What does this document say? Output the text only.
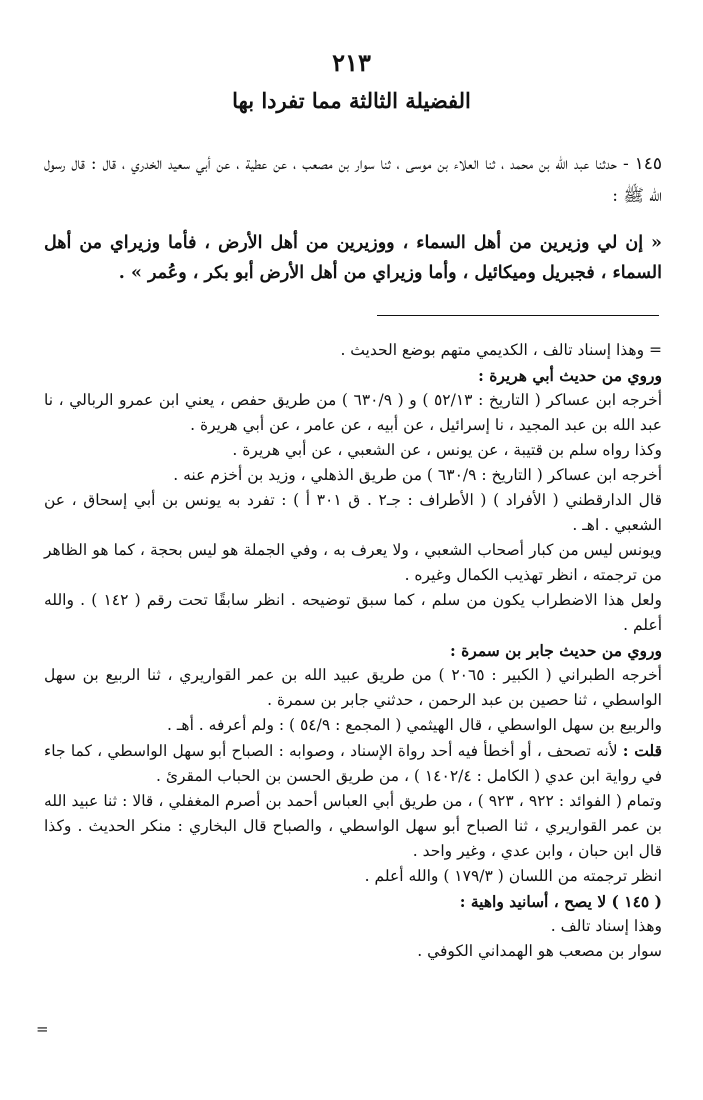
٢١٣
الفضيلة الثالثة مما تفردا بها
١٤٥ - حدثنا عبد الله بن محمد ، ثنا العلاء بن موسى ، ثنا سوار بن مصعب ، عن عطية ، عن أبي سعيد الخدري ، قال : قال رسول الله ﷺ :
« إن لي وزيرين من أهل السماء ، ووزيرين من أهل الأرض ، فأما وزيراي من أهل السماء ، فجبريل وميكائيل ، وأما وزيراي من أهل الأرض أبو بكر ، وعُمر » .

= وهذا إسناد تالف ، الكديمي متهم بوضع الحديث .

وروي من حديث أبي هريرة :

أخرجه ابن عساكر ( التاريخ : ٥٢/١٣ ) و ( ٦٣٠/٩ ) من طريق حفص ، يعني ابن عمرو الربالي ، نا عبد الله بن عبد المجيد ، نا إسرائيل ، عن أبيه ، عن عامر ، عن أبي هريرة .

وكذا رواه سلم بن قتيبة ، عن يونس ، عن الشعبي ، عن أبي هريرة .

أخرجه ابن عساكر ( التاريخ : ٦٣٠/٩ ) من طريق الذهلي ، وزيد بن أخزم عنه .

قال الدارقطني ( الأفراد ) ( الأطراف : جـ٢ . ق ٣٠١ أ ) : تفرد به يونس بن أبي إسحاق ، عن الشعبي . اهـ .

ويونس ليس من كبار أصحاب الشعبي ، ولا يعرف به ، وفي الجملة هو ليس بحجة ، كما هو الظاهر من ترجمته ، انظر تهذيب الكمال وغيره .

ولعل هذا الاضطراب يكون من سلم ، كما سبق توضيحه . انظر سابقًا تحت رقم ( ١٤٢ ) . والله أعلم .

وروي من حديث جابر بن سمرة :

أخرجه الطبراني ( الكبير : ٢٠٦٥ ) من طريق عبيد الله بن عمر القواريري ، ثنا الربيع بن سهل الواسطي ، ثنا حصين بن عبد الرحمن ، حدثني جابر بن سمرة .

والربيع بن سهل الواسطي ، قال الهيثمي ( المجمع : ٥٤/٩ ) : ولم أعرفه . أهـ .

قلت : لأنه تصحف ، أو أخطأ فيه أحد رواة الإسناد ، وصوابه : الصباح أبو سهل الواسطي ، كما جاء في رواية ابن عدي ( الكامل : ١٤٠٢/٤ ) ، من طريق الحسن بن الحباب المقرئ .

وتمام ( الفوائد : ٩٢٢ ، ٩٢٣ ) ، من طريق أبي العباس أحمد بن أصرم المغفلي ، قالا : ثنا عبيد الله بن عمر القواريري ، ثنا الصباح أبو سهل الواسطي ، والصباح قال البخاري : منكر الحديث . وكذا قال ابن حبان ، وابن عدي ، وغير واحد .

انظر ترجمته من اللسان ( ١٧٩/٣ ) والله أعلم .

( ١٤٥ ) لا يصح ، أسانيد واهية :

وهذا إسناد تالف .

سوار بن مصعب هو الهمداني الكوفي .

=
